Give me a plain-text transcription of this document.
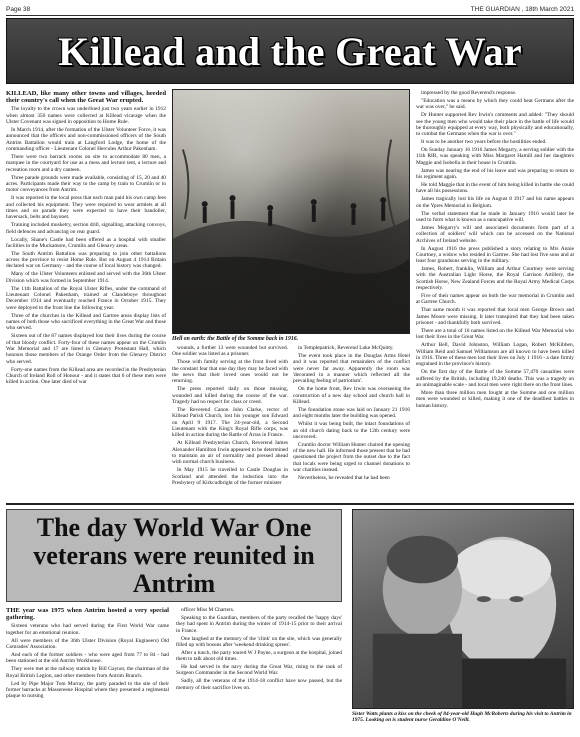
Page 38	THE GUARDIAN , 18th March 2021
Killead and the Great War

KILLEAD, like many other towns and villages, heeded their country's call when the Great War erupted.

The loyalty to the crown was underlined just two years earlier in 1912 when almost 350 names were collected at Killead vicarage when the Ulster Covenant was signed in opposition to Home Rule.

In March 1914, after the formation of the Ulster Volunteer Force, it was announced that the officers and non-commissioned officers of the South Antrim Battalion would train at Langford Lodge, the home of the commanding officer - Lieutenant Colonel Hercules Arthur Pakenham.

There were two barrack rooms on site to accommodate 80 men, a marquee in the courtyard for use as a mess and lecture tent, a lecture and recreation room and a dry canteen.

Three parade grounds were made available, consisting of 15, 20 and 40 acres. Participants made their way to the camp by train to Crumlin or in motor conveyances from Antrim.

It was reported in the local press that each man paid his own camp fees and collected his equipment. They were required to wear armlets at all times and on parade they were expected to have their bandolier, haversack, belts and bayonet.

Training included musketry, section drill, signalling, attacking convoys, field defences and advancing on rear guard.

Locally, Shane's Castle had been offered as a hospital with smaller facilities in the Muckamore, Crumlin and Glenavy areas.

The South Antrim Battalion was preparing to join other battalions across the province to resist Home Rule. But on August 4 1914 Britain declared war on Germany - and the course of local history was changed.

Many of the Ulster Volunteers enlisted and served with the 36th Ulster Division which was formed in September 1914.

The 11th Battalion of the Royal Ulster Rifles, under the command of Lieutenant Colonel Pakenham, trained at Clandeboye throughout December 1914 and eventually reached France in October 1915. They were deployed to the front line the following year.

Three of the churches in the Killead and Gartree areas display lists of names of both those who sacrificed everything in the Great War and those who served.

Sixteen out of the 87 names displayed lost their lives during the course of that bloody conflict. Forty-four of these names appear on the Crumlin War Memorial and 17 are listed in Glenavy Protestant Hall, which honours those members of the Orange Order from the Glenavy District who served.

Forty-one names from the Killead area are recorded in the Presbyterian Church of Ireland Roll of Honour - and it states that 6 of these men were killed in action. One later died of war

wounds, a further 13 were wounded but survived. One soldier was listed as a prisoner.

Those with family serving at the front lived with the constant fear that one day they may be faced with the news that their loved ones would not be returning.

The press reported daily on those missing, wounded and killed during the course of the war. Tragedy had no respect for class or creed.

The Reverend Canon John Clarke, rector of Killead Parish Church, lost his younger son Edward on April 9 1917. The 24-year-old, a Second Lieutenant with the King's Royal Rifle corps, was killed in action during the Battle of Arras in France.

At Killead Presbyterian Church, Reverend James Alexander Hamilton Irwin appeared to be determined to maintain an air of normality and pressed ahead with normal church business.

In May 1915 he travelled to Castle Douglas in Scotland and attended the induction into the Presbytery of Kirkcudbright of the former minister

in Templepatrick, Reverend Luke McQuitty.

The event took place in the Douglas Arms Hotel and it was reported that remainders of the conflict were never far away. Apparently the room was 'decorated in a manner which reflected all the prevailing feeling of patriotism'.

On the home front, Rev Irwin was overseeing the construction of a new day school and church hall in Killead.

The foundation stone was laid on January 21 1916 and eight months later the building was opened.

Whilst it was being built, the intact foundations of an old church dating back to the 12th century were uncovered.

Crumlin doctor William Hunter chaired the opening of the new hall. He informed those present that he had questioned the project from the outset due to the fact that locals were being urged to channel donations to war charities instead.

Nevertheless, he revealed that he had been

impressed by the good Reverend's response.

"Education was a means by which they could beat Germans after the war was over," he said.

Dr Hunter supported Rev Irwin's comments and added: "They should see the young men who would take their place in the battle of life would be thoroughly equipped at every way, both physically and educationally, to combat the Germans when the war is over."

It was to be another two years before the hostilities ended.

On Sunday January 16 1916 James Megarry, a serving soldier with the 11th RIR, was speaking with Miss Margaret Hamill and her daughters Maggie and Isobella in their house in Crumlin.

James was nearing the end of his leave and was preparing to return to his regiment again.

He told Maggie that in the event of him being killed in battle she could have all his possessions.

James tragically lost his life on August 8 1917 and his name appears on the Ypres Memorial in Belgium.

The verbal statement that he made in January 1916 would later be used to form what is known as a nuncupative will.

James Megarry's will and associated documents form part of a collection of soldiers' will which can be accessed on the National Archives of Ireland website.

In August 1916 the press published a story relating to Mrs Annie Courtney, a widow who resided in Gartree. She had lost five sons and at least four grandsons serving in the military.

James, Robert, franklin, William and Arthur Courtney were serving with the Australian Light Horse, the Royal Garrison Artillery, the Scottish Horse, New Zealand Forces and the Royal Army Medical Corps respectively.

Five of their names appear on both the war memorial in Crumlin and at Gartree Church.

That same month it was reported that local men George Brown and James Moore were missing. It later transpired that they had been taken prisoner - and thankfully both survived.

There are a total of 16 names listed on the Killead War Memorial who lost their lives in the Great War.

Arthur Bell, David Johnston, William Logan, Robert McKibben, William Reid and Samuel Williamson are all known to have been killed in 1916. Three of these men lost their lives on July 1 1916 - a date firmly engrained in the province's history.

On the first day of the Battle of the Somme 57,470 casualties were suffered by the British, including 19,240 deaths. This was a tragedy on an unimaginable scale - and local men were right there on the front lines.

More than three million men fought at the Somme and one million men were wounded or killed, making it one of the deadliest battles in human history.

Hell on earth: the Battle of the Somme back in 1916.
The day World War One veterans were reunited in Antrim

THE year was 1975 when Antrim hosted a very special gathering.

Sixteen veterans who had served during the First World War came together for an emotional reunion.

All were members of the 36th Ulster Division (Royal Engineers) Old Comrades' Association.

And each of the former soldiers - who were aged from 77 to 84 - had been stationed at the old Antrim Workhouse.

They were met at the railway station by Bill Gaynor, the chairman of the Royal British Legion, and other members from Antrim Branch.

Led by Pipe Major Tom Murray, the party paraded to the site of their former barracks at Massereene Hospital where they presented a regimental plaque to nursing

officer Miss M Charters.

Speaking to the Guardian, members of the party recalled the 'happy days' they had spent in Antrim during the winter of 1914-15 prior to their arrival in France.

One laughed at the memory of the 'clink' on the site, which was generally filled up with bosuns after 'weekend drinking sprees'.

After a lunch, the party toured W J Payne, a surgeon at the hospital, joined them to talk about old times.

He had served in the navy during the Great War, rising to the rank of Surgeon Commander in the Second World War.

Sadly, all the veterans of the 1914-18 conflict have now passed, but the memory of their sacrifice lives on.

Sister Watts plants a kiss on the cheek of 84-year-old Hugh McRoberts during his visit to Antrim in 1975. Looking on is student nurse Geraldine O'Neill.
